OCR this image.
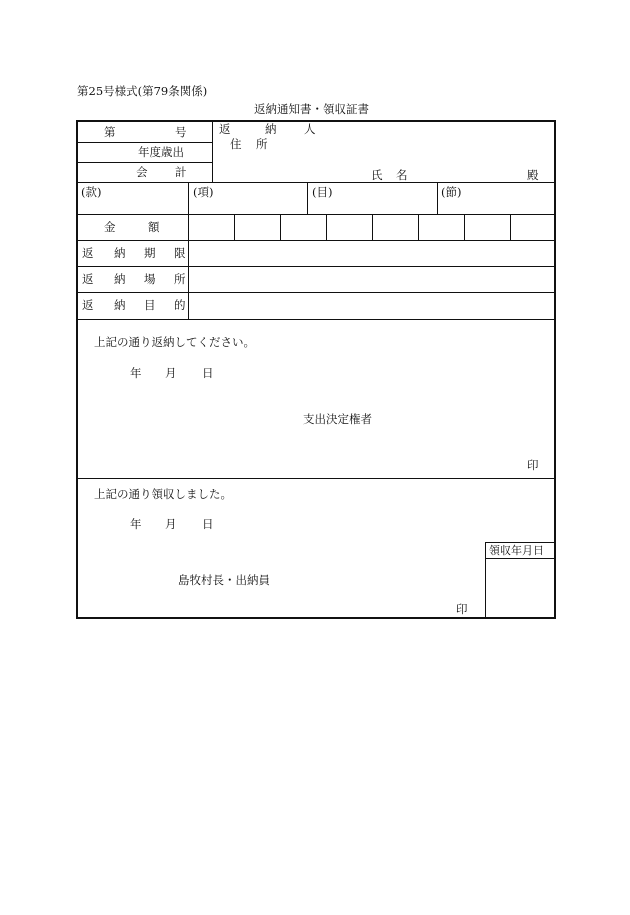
第25号様式(第79条関係)
返納通知書・領収証書
第	号
年度歳出
会 計
返	納 人
住 所
氏 名	殿
(款)	(項)	(目)	(節)
金	額
返 納 期 限
返 納 場 所
返 納 目 的
上記の通り返納してください。
年 月 日
支出決定権者
印
上記の通り領収しました。
年 月 日
領収年月日
島牧村長・出納員
印
